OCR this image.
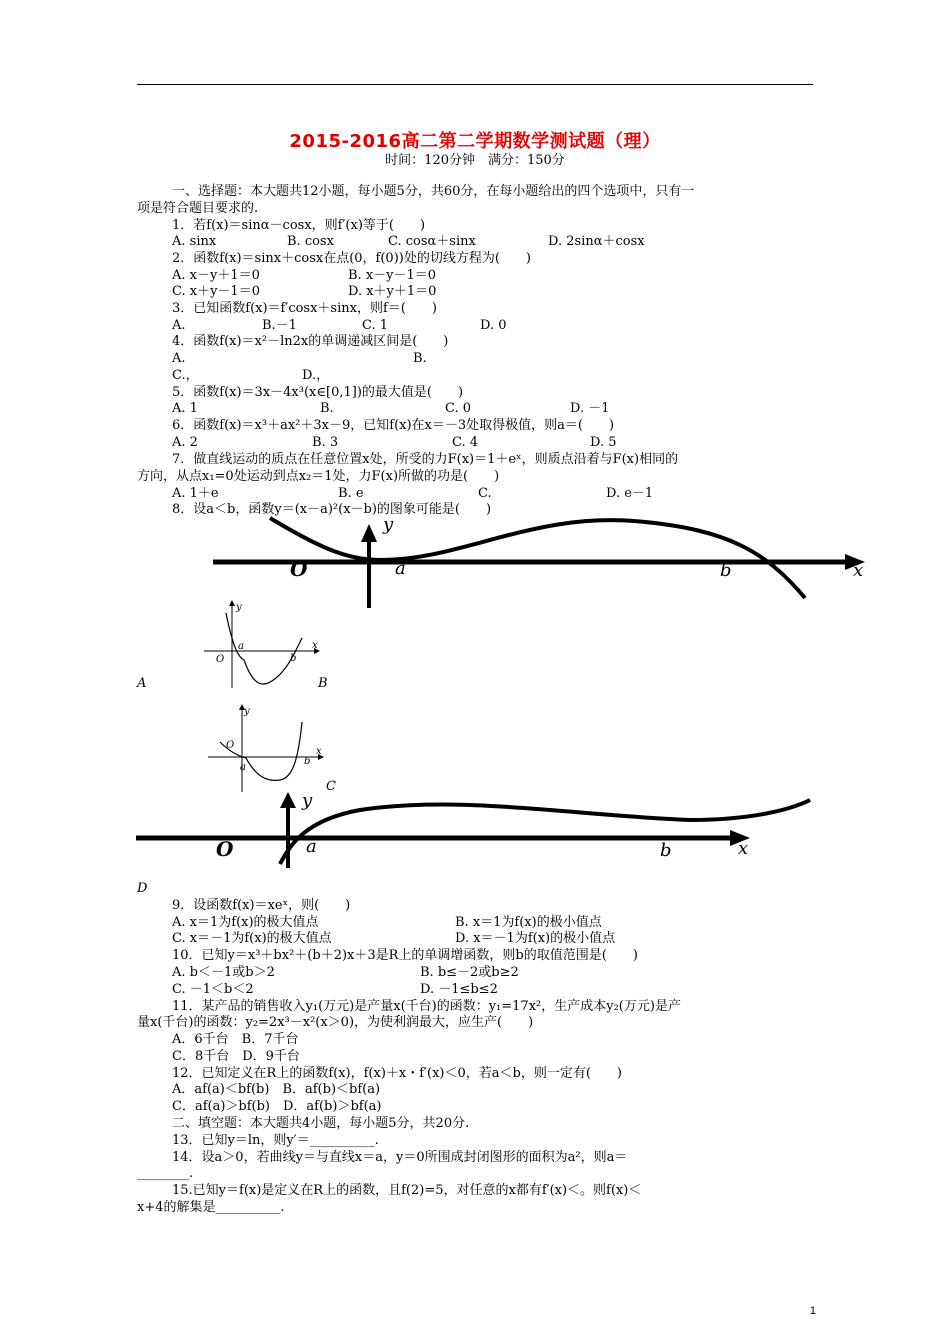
2015-2016高二第二学期数学测试题（理）
时间：120分钟　满分：150分
一、选择题：本大题共12小题，每小题5分，共60分，在每小题给出的四个选项中，只有一
项是符合题目要求的.
1．若f(x)＝sinα－cosx，则f′(x)等于(　　)
A. sinx	B. cosx	C. cosα＋sinx	D. 2sinα＋cosx
2．函数f(x)＝sinx＋cosx在点(0，f(0))处的切线方程为(　　)
A. x－y＋1＝0	B. x－y－1＝0
C. x＋y－1＝0	D. x＋y＋1＝0
3．已知函数f(x)＝f′cosx＋sinx，则f＝(　　)
A.	B.－1	C. 1	D. 0
4．函数f(x)＝x²－ln2x的单调递减区间是(　　)
A.	B.
C.，	D.，
5．函数f(x)＝3x－4x³(x∈[0,1])的最大值是(　　)
A. 1	B.	C. 0	D. －1
6．函数f(x)＝x³＋ax²＋3x－9，已知f(x)在x＝－3处取得极值，则a＝(　　)
A. 2	B. 3	C. 4	D. 5
7．做直线运动的质点在任意位置x处，所受的力F(x)＝1＋eˣ，则质点沿着与F(x)相同的
方向，从点x₁=0处运动到点x₂＝1处，力F(x)所做的功是(　　)
A. 1＋e	B. e	C.	D. e－1
8．设a＜b，函数y＝(x－a)²(x－b)的图象可能是(　　)
O	a	b	x
y
y
O
a
b
x
A	B
y
O
a
b
x
C
O	a	b	x
y
D
9．设函数f(x)＝xeˣ，则(　　)
A. x＝1为f(x)的极大值点	B. x＝1为f(x)的极小值点
C. x＝－1为f(x)的极大值点	D. x＝－1为f(x)的极小值点
10．已知y＝x³＋bx²＋(b＋2)x＋3是R上的单调增函数，则b的取值范围是(　　)
A. b＜－1或b＞2	B. b≤－2或b≥2
C. －1＜b＜2	D. －1≤b≤2
11．某产品的销售收入y₁(万元)是产量x(千台)的函数：y₁=17x²，生产成本y₂(万元)是产
量x(千台)的函数：y₂=2x³－x²(x＞0)，为使利润最大，应生产(　　)
A．6千台　B．7千台
C．8千台　D．9千台
12．已知定义在R上的函数f(x)，f(x)＋x・f′(x)＜0，若a＜b，则一定有(　　)
A．af(a)＜bf(b)　B．af(b)＜bf(a)
C．af(a)＞bf(b)　D．af(b)＞bf(a)
二、填空题：本大题共4小题，每小题5分，共20分.
13．已知y＝ln，则y′＝__________.
14．设a＞0，若曲线y＝与直线x＝a，y＝0所围成封闭图形的面积为a²，则a＝
________.
15.已知y＝f(x)是定义在R上的函数，且f(2)=5，对任意的x都有f′(x)＜。则f(x)＜
x+4的解集是__________.
1
